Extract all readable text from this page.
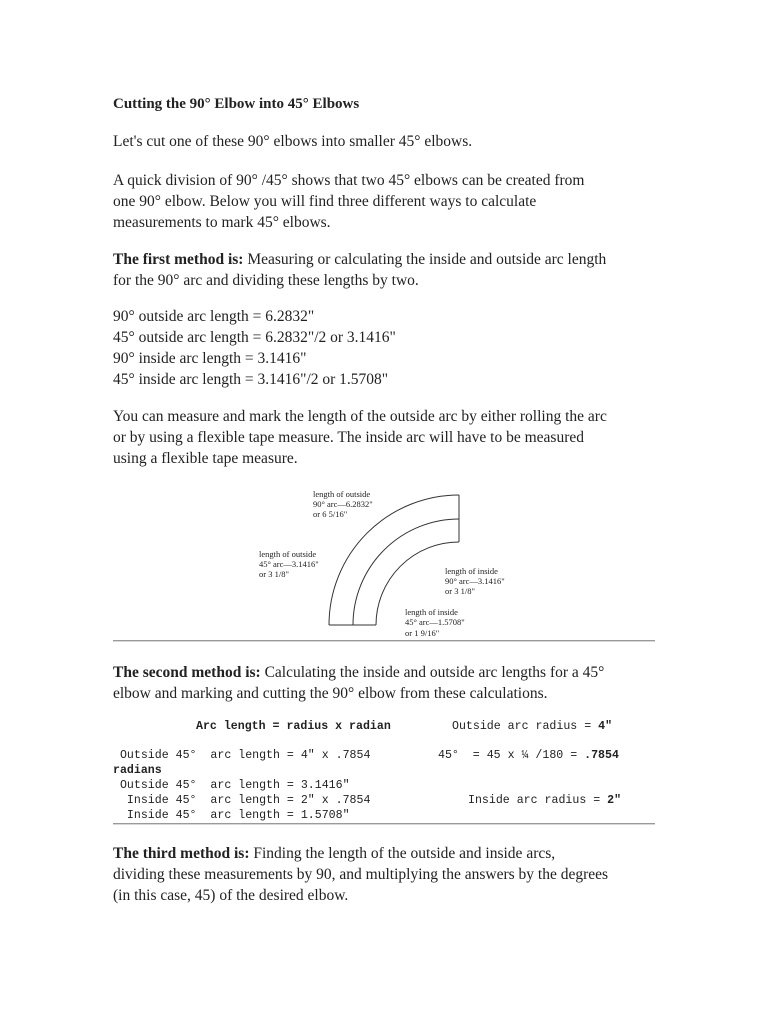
Cutting the 90° Elbow into 45° Elbows

Let's cut one of these 90° elbows into smaller 45° elbows.

A quick division of 90° /45° shows that two 45° elbows can be created from
one 90° elbow. Below you will find three different ways to calculate
measurements to mark 45° elbows.

The first method is: Measuring or calculating the inside and outside arc length
for the 90° arc and dividing these lengths by two.

90° outside arc length = 6.2832"
45° outside arc length = 6.2832"/2 or 3.1416"
90° inside arc length = 3.1416"
45° inside arc length = 3.1416"/2 or 1.5708"

You can measure and mark the length of the outside arc by either rolling the arc
or by using a flexible tape measure. The inside arc will have to be measured
using a flexible tape measure.

length of outside
90° arc—6.2832"
or 6 5/16"
length of outside
45° arc—3.1416"
or 3 1/8"	length of inside
90° arc—3.1416"
or 3 1/8"
length of inside
45° arc—1.5708"
or 1 9/16"

The second method is: Calculating the inside and outside arc lengths for a 45°
elbow and marking and cutting the 90° elbow from these calculations.

Arc length = radius x radian	Outside arc radius = 4"
Outside 45°  arc length = 4" x .7854	45°  = 45 x ¼ /180 = .7854
radians
Outside 45°  arc length = 3.1416"
Inside 45°  arc length = 2" x .7854	Inside arc radius = 2"
Inside 45°  arc length = 1.5708"

The third method is: Finding the length of the outside and inside arcs,
dividing these measurements by 90, and multiplying the answers by the degrees
(in this case, 45) of the desired elbow.
